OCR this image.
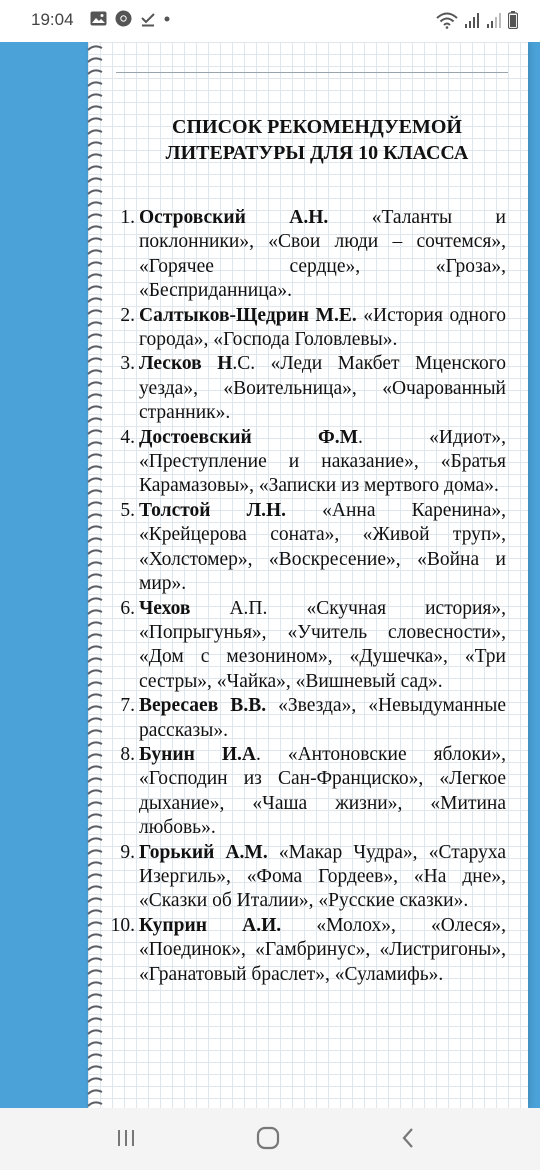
19:04
СПИСОК РЕКОМЕНДУЕМОЙ
ЛИТЕРАТУРЫ ДЛЯ 10 КЛАССА
1. Островский А.Н. «Таланты и поклонники», «Свои люди – сочтемся», «Горячее сердце», «Гроза», «Бесприданница».
2. Салтыков-Щедрин М.Е. «История одного города», «Господа Головлевы».
3. Лесков Н.С. «Леди Макбет Мценского уезда», «Воительница», «Очарованный странник».
4. Достоевский Ф.М. «Идиот», «Преступление и наказание», «Братья Карамазовы», «Записки из мертвого дома».
5. Толстой Л.Н. «Анна Каренина», «Крейцерова соната», «Живой труп», «Холстомер», «Воскресение», «Война и мир».
6. Чехов А.П. «Скучная история», «Попрыгунья», «Учитель словесности», «Дом с мезонином», «Душечка», «Три сестры», «Чайка», «Вишневый сад».
7. Вересаев В.В. «Звезда», «Невыдуманные рассказы».
8. Бунин И.А. «Антоновские яблоки», «Господин из Сан-Франциско», «Легкое дыхание», «Чаша жизни», «Митина любовь».
9. Горький А.М. «Макар Чудра», «Старуха Изергиль», «Фома Гордеев», «На дне», «Сказки об Италии», «Русские сказки».
10. Куприн А.И. «Молох», «Олеся», «Поединок», «Гамбринус», «Листригоны», «Гранатовый браслет», «Суламифь».
